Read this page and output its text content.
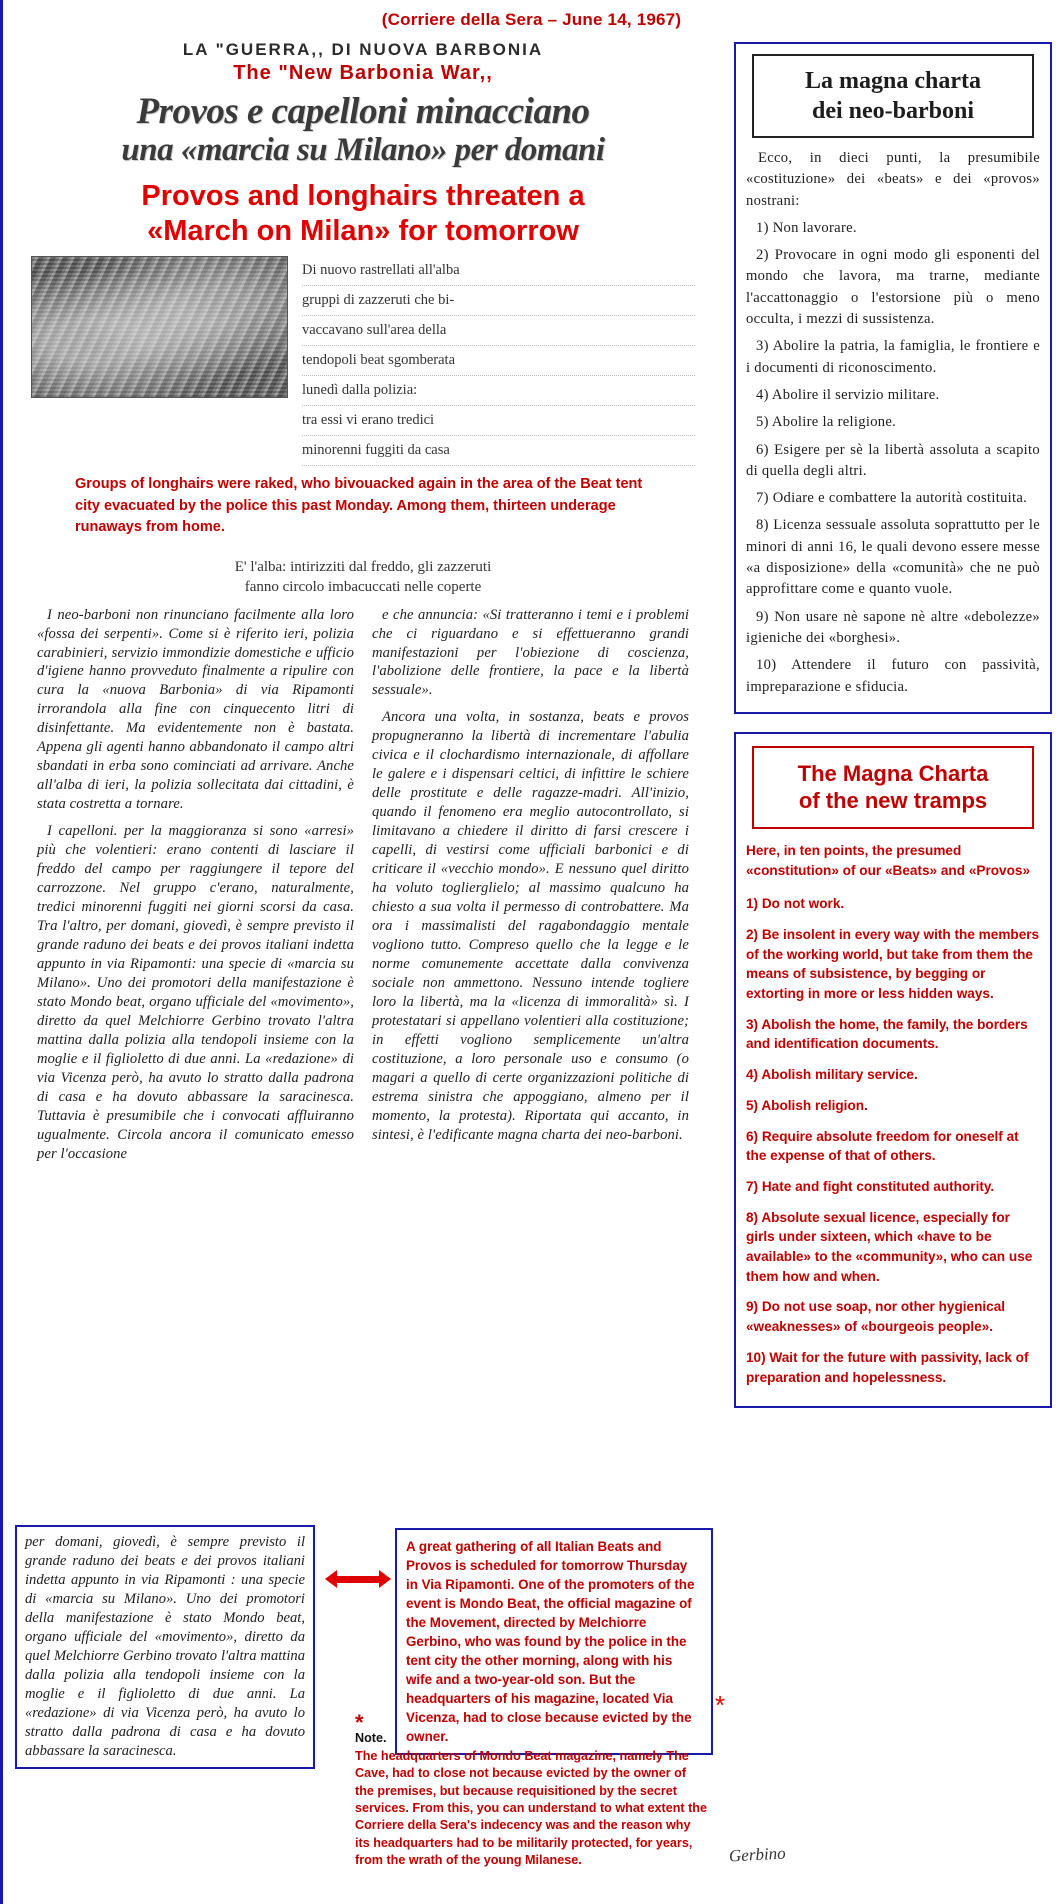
(Corriere della Sera – June 14, 1967)
LA "GUERRA,, DI NUOVA BARBONIA
The "New Barbonia War,,
Provos e capelloni minacciano
una «marcia su Milano» per domani
Provos and longhairs threaten a
«March on Milan» for tomorrow
Di nuovo rastrellati all'alba
gruppi di zazzeruti che bi-
vaccavano sull'area della
tendopoli beat sgomberata
lunedì dalla polizia:
tra essi vi erano tredici
minorenni fuggiti da casa
Groups of longhairs were raked, who bivouacked again in the area of the Beat tent city evacuated by the police this past Monday. Among them, thirteen underage runaways from home.
E' l'alba: intirizziti dal freddo, gli zazzeruti
fanno circolo imbacuccati nelle coperte

I neo-barboni non rinunciano facilmente alla loro «fossa dei serpenti». Come si è riferito ieri, polizia carabinieri, servizio immondizie domestiche e ufficio d'igiene hanno provveduto finalmente a ripulire con cura la «nuova Barbonia» di via Ripamonti irrorandola alla fine con cinquecento litri di disinfettante. Ma evidentemente non è bastata. Appena gli agenti hanno abbandonato il campo altri sbandati in erba sono cominciati ad arrivare. Anche all'alba di ieri, la polizia sollecitata dai cittadini, è stata costretta a tornare.

I capelloni. per la maggioranza si sono «arresi» più che volentieri: erano contenti di lasciare il freddo del campo per raggiungere il tepore del carrozzone. Nel gruppo c'erano, naturalmente, tredici minorenni fuggiti nei giorni scorsi da casa. Tra l'altro, per domani, giovedì, è sempre previsto il grande raduno dei beats e dei provos italiani indetta appunto in via Ripamonti: una specie di «marcia su Milano». Uno dei promotori della manifestazione è stato Mondo beat, organo ufficiale del «movimento», diretto da quel Melchiorre Gerbino trovato l'altra mattina dalla polizia alla tendopoli insieme con la moglie e il figlioletto di due anni. La «redazione» di via Vicenza però, ha avuto lo stratto dalla padrona di casa e ha dovuto abbassare la saracinesca. Tuttavia è presumibile che i convocati affluiranno ugualmente. Circola ancora il comunicato emesso per l'occasione

e che annuncia: «Si tratteranno i temi e i problemi che ci riguardano e si effettueranno grandi manifestazioni per l'obiezione di coscienza, l'abolizione delle frontiere, la pace e la libertà sessuale».

Ancora una volta, in sostanza, beats e provos propugneranno la libertà di incrementare l'abulia civica e il clochardismo internazionale, di affollare le galere e i dispensari celtici, di infittire le schiere delle prostitute e delle ragazze-madri. All'inizio, quando il fenomeno era meglio autocontrollato, si limitavano a chiedere il diritto di farsi crescere i capelli, di vestirsi come ufficiali barbonici e di criticare il «vecchio mondo». E nessuno quel diritto ha voluto toglierglielo; al massimo qualcuno ha chiesto a sua volta il permesso di controbattere. Ma ora i massimalisti del ragabondaggio mentale vogliono tutto. Compreso quello che la legge e le norme comunemente accettate dalla convivenza sociale non ammettono. Nessuno intende togliere loro la libertà, ma la «licenza di immoralità» sì. I protestatari si appellano volentieri alla costituzione; in effetti vogliono semplicemente un'altra costituzione, a loro personale uso e consumo (o magari a quello di certe organizzazioni politiche di estrema sinistra che appoggiano, almeno per il momento, la protesta). Riportata qui accanto, in sintesi, è l'edificante magna charta dei neo-barboni.

per domani, giovedì, è sempre previsto il grande raduno dei beats e dei provos italiani indetta appunto in via Ripamonti : una specie di «marcia su Milano». Uno dei promotori della manifestazione è stato Mondo beat, organo ufficiale del «movimento», diretto da quel Melchiorre Gerbino trovato l'altra mattina dalla polizia alla tendopoli insieme con la moglie e il figlioletto di due anni. La «redazione» di via Vicenza però, ha avuto lo stratto dalla padrona di casa e ha dovuto abbassare la saracinesca.
A great gathering of all Italian Beats and Provos is scheduled for tomorrow Thursday in Via Ripamonti. One of the promoters of the event is Mondo Beat, the official magazine of the Movement, directed by Melchiorre Gerbino, who was found by the police in the tent city the other morning, along with his wife and a two-year-old son. But the headquarters of his magazine, located Via Vicenza, had to close because evicted by the owner.
*
*
Note.
The headquarters of Mondo Beat magazine, namely The Cave, had to close not because evicted by the owner of the premises, but because requisitioned by the secret services. From this, you can understand to what extent the Corriere della Sera's indecency was and the reason why its headquarters had to be militarily protected, for years, from the wrath of the young Milanese.	Gerbino
La magna charta
dei neo-barboni

Ecco, in dieci punti, la presumibile «costituzione» dei «beats» e dei «provos» nostrani:

1) Non lavorare.

2) Provocare in ogni modo gli esponenti del mondo che lavora, ma trarne, mediante l'accattonaggio o l'estorsione più o meno occulta, i mezzi di sussistenza.

3) Abolire la patria, la famiglia, le frontiere e i documenti di riconoscimento.

4) Abolire il servizio militare.

5) Abolire la religione.

6) Esigere per sè la libertà assoluta a scapito di quella degli altri.

7) Odiare e combattere la autorità costituita.

8) Licenza sessuale assoluta soprattutto per le minori di anni 16, le quali devono essere messe «a disposizione» della «comunità» che ne può approfittare come e quanto vuole.

9) Non usare nè sapone nè altre «debolezze» igieniche dei «borghesi».

10) Attendere il futuro con passività, impreparazione e sfiducia.

The Magna Charta
of the new tramps

Here, in ten points, the presumed «constitution» of our «Beats» and «Provos»

1) Do not work.

2) Be insolent in every way with the members of the working world, but take from them the means of subsistence, by begging or extorting in more or less hidden ways.

3) Abolish the home, the family, the borders and identification documents.

4) Abolish military service.

5) Abolish religion.

6) Require absolute freedom for oneself at the expense of that of others.

7) Hate and fight constituted authority.

8) Absolute sexual licence, especially for girls under sixteen, which «have to be available» to the «community», who can use them how and when.

9) Do not use soap, nor other hygienical «weaknesses» of «bourgeois people».

10) Wait for the future with passivity, lack of preparation and hopelessness.
